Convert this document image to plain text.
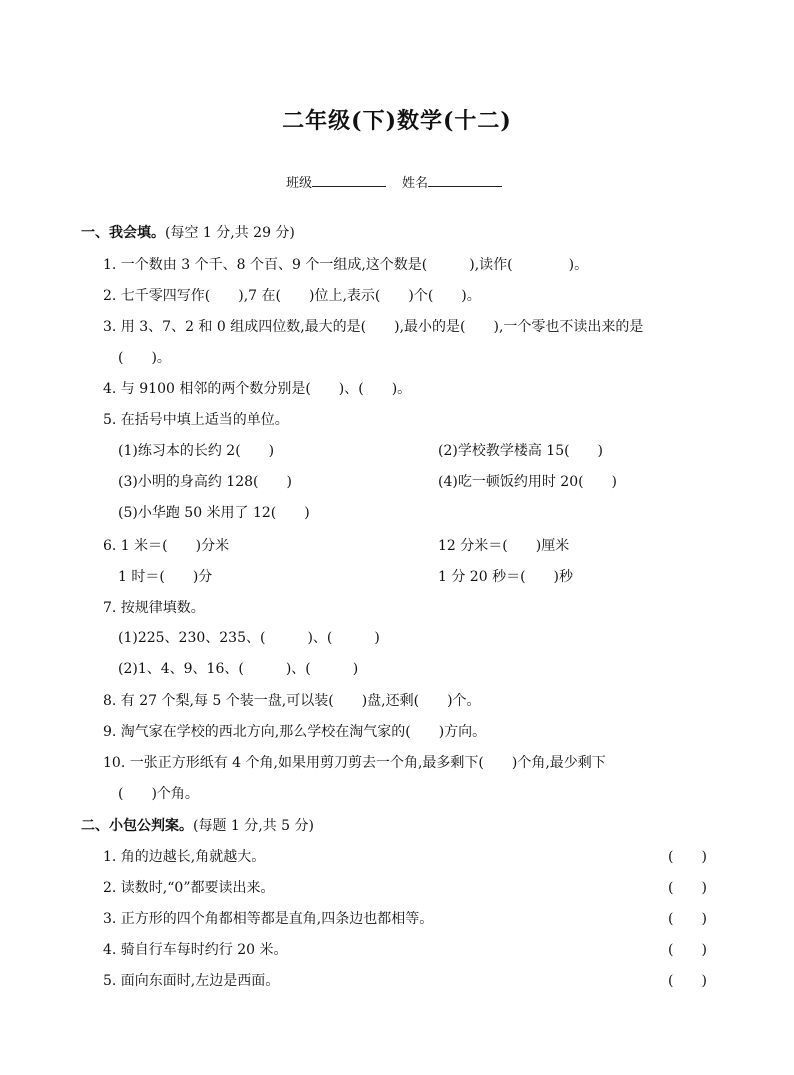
二年级(下)数学(十二)
班级	姓名
一、我会填。(每空 1 分,共 29 分)
1. 一个数由 3 个千、8 个百、9 个一组成,这个数是(　　　),读作(　　　　)。
2. 七千零四写作(　　),7 在(　　)位上,表示(　　)个(　　)。
3. 用 3、7、2 和 0 组成四位数,最大的是(　　),最小的是(　　),一个零也不读出来的是
(　　)。
4. 与 9100 相邻的两个数分别是(　　)、(　　)。
5. 在括号中填上适当的单位。
(1)练习本的长约 2(　　)	(2)学校教学楼高 15(　　)
(3)小明的身高约 128(　　)	(4)吃一顿饭约用时 20(　　)
(5)小华跑 50 米用了 12(　　)
6. 1 米＝(　　)分米	12 分米＝(　　)厘米
1 时＝(　　)分	1 分 20 秒＝(　　)秒
7. 按规律填数。
(1)225、230、235、(　　　)、(　　　)
(2)1、4、9、16、(　　　)、(　　　)
8. 有 27 个梨,每 5 个装一盘,可以装(　　)盘,还剩(　　)个。
9. 淘气家在学校的西北方向,那么学校在淘气家的(　　)方向。
10. 一张正方形纸有 4 个角,如果用剪刀剪去一个角,最多剩下(　　)个角,最少剩下
(　　)个角。
二、小包公判案。(每题 1 分,共 5 分)
1. 角的边越长,角就越大。	(　　)
2. 读数时,“0”都要读出来。	(　　)
3. 正方形的四个角都相等都是直角,四条边也都相等。	(　　)
4. 骑自行车每时约行 20 米。	(　　)
5. 面向东面时,左边是西面。	(　　)
